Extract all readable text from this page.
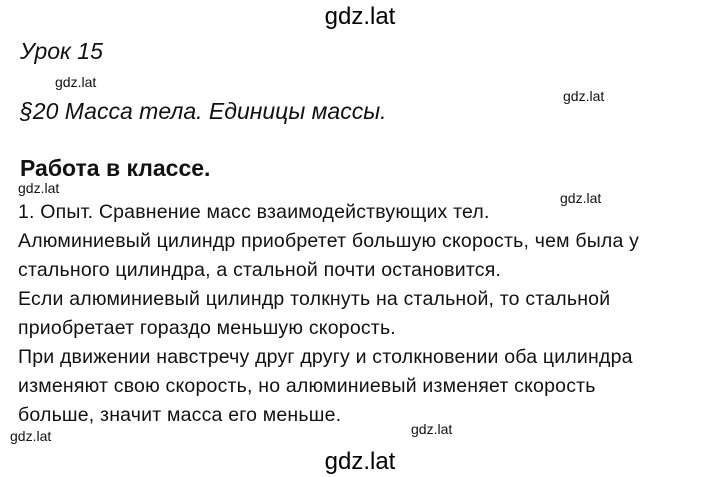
gdz.lat
Урок 15
gdz.lat
§20 Масса тела. Единицы массы.
gdz.lat
Работа в классе.
gdz.lat
gdz.lat
1. Опыт. Сравнение масс взаимодействующих тел.
Алюминиевый цилиндр приобретет большую скорость, чем была у
стального цилиндра, а стальной почти остановится.
Если алюминиевый цилиндр толкнуть на стальной, то стальной
приобретает гораздо меньшую скорость.
При движении навстречу друг другу и столкновении оба цилиндра
изменяют свою скорость, но алюминиевый изменяет скорость
больше, значит масса его меньше.
gdz.lat	gdz.lat
gdz.lat
